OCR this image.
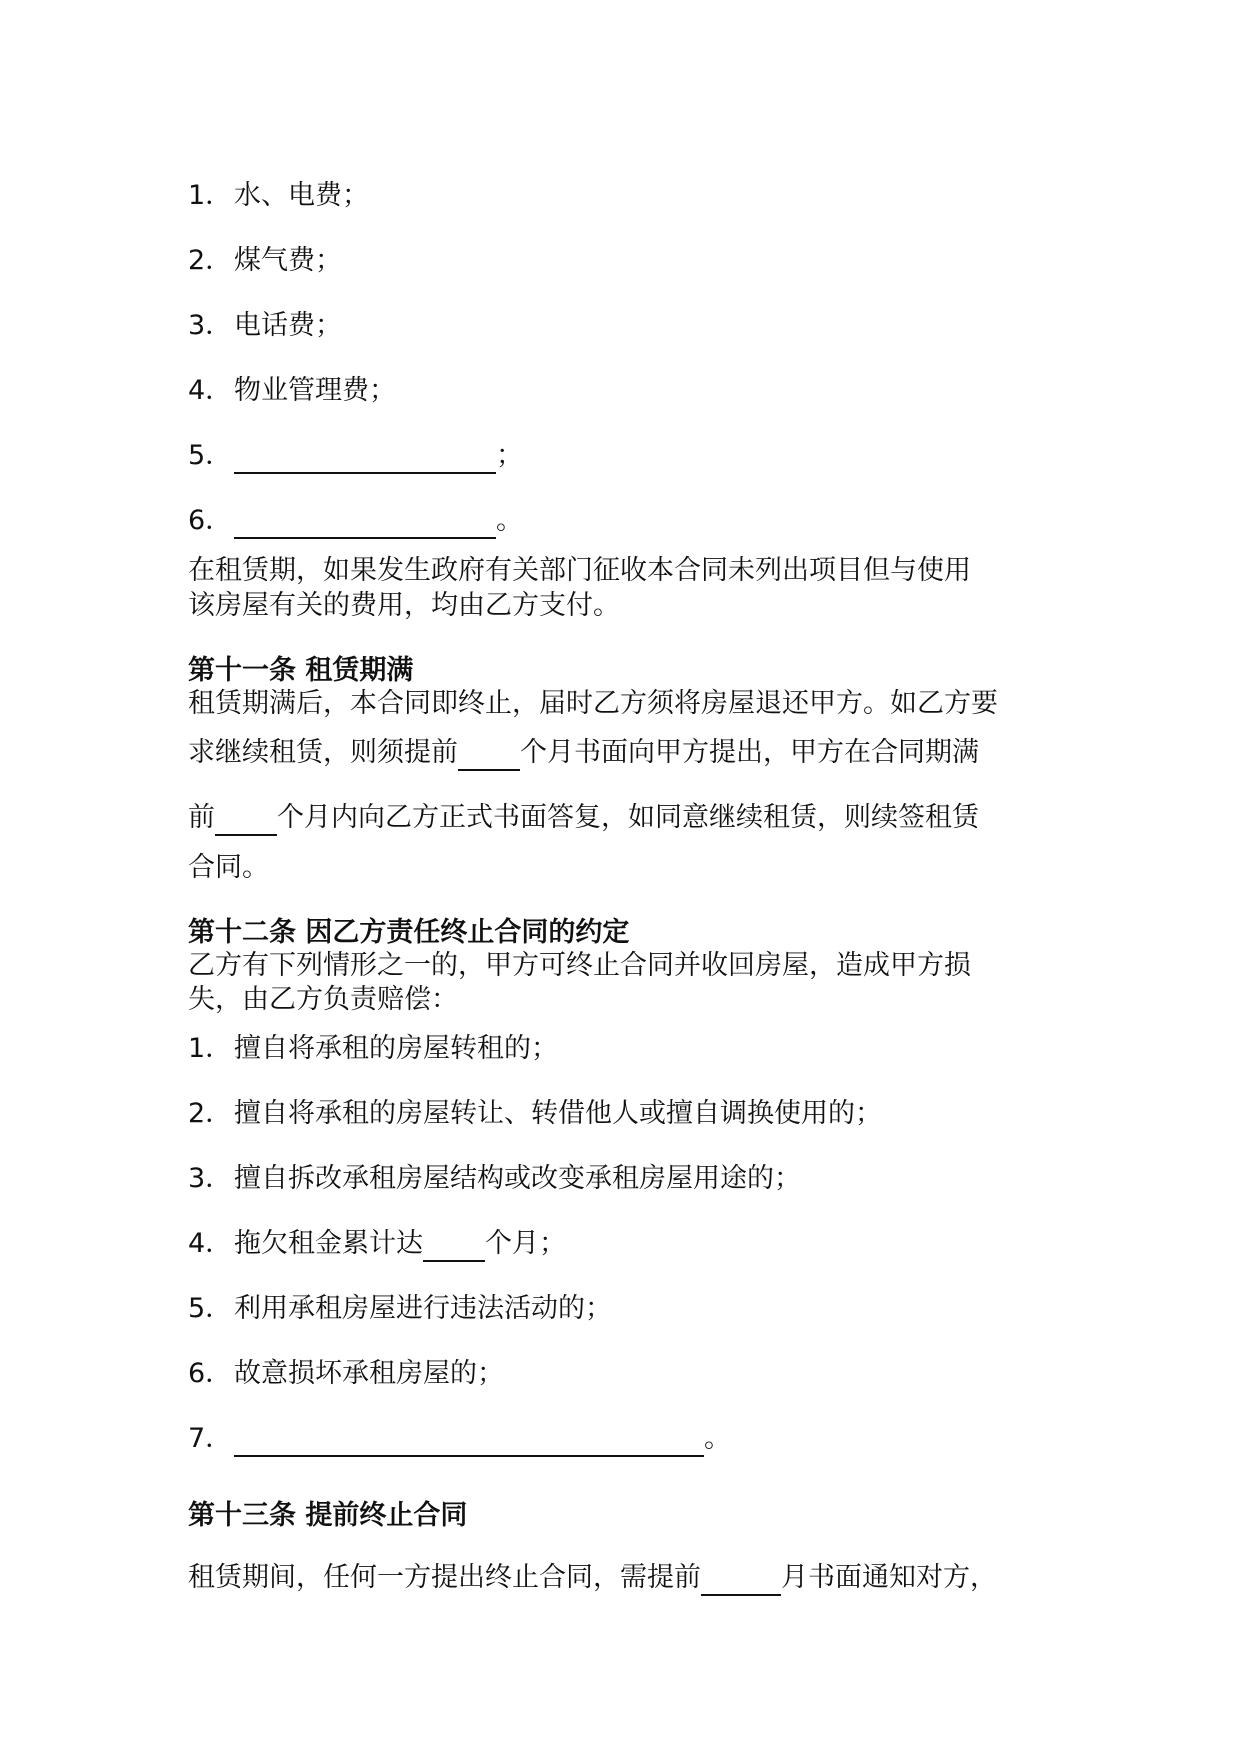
1．水、电费；
2．煤气费；
3．电话费；
4．物业管理费；
5．	；
6．	。
在租赁期，如果发生政府有关部门征收本合同未列出项目但与使用
该房屋有关的费用，均由乙方支付。
第十一条 租赁期满
租赁期满后，本合同即终止，届时乙方须将房屋退还甲方。如乙方要
求继续租赁，则须提前 个月书面向甲方提出，甲方在合同期满
前 个月内向乙方正式书面答复，如同意继续租赁，则续签租赁
合同。
第十二条 因乙方责任终止合同的约定
乙方有下列情形之一的，甲方可终止合同并收回房屋，造成甲方损
失，由乙方负责赔偿：
1．擅自将承租的房屋转租的；
2．擅自将承租的房屋转让、转借他人或擅自调换使用的；
3．擅自拆改承租房屋结构或改变承租房屋用途的；
4．拖欠租金累计达 个月；
5．利用承租房屋进行违法活动的；
6．故意损坏承租房屋的；
7．	。
第十三条 提前终止合同
租赁期间，任何一方提出终止合同，需提前	月书面通知对方，
